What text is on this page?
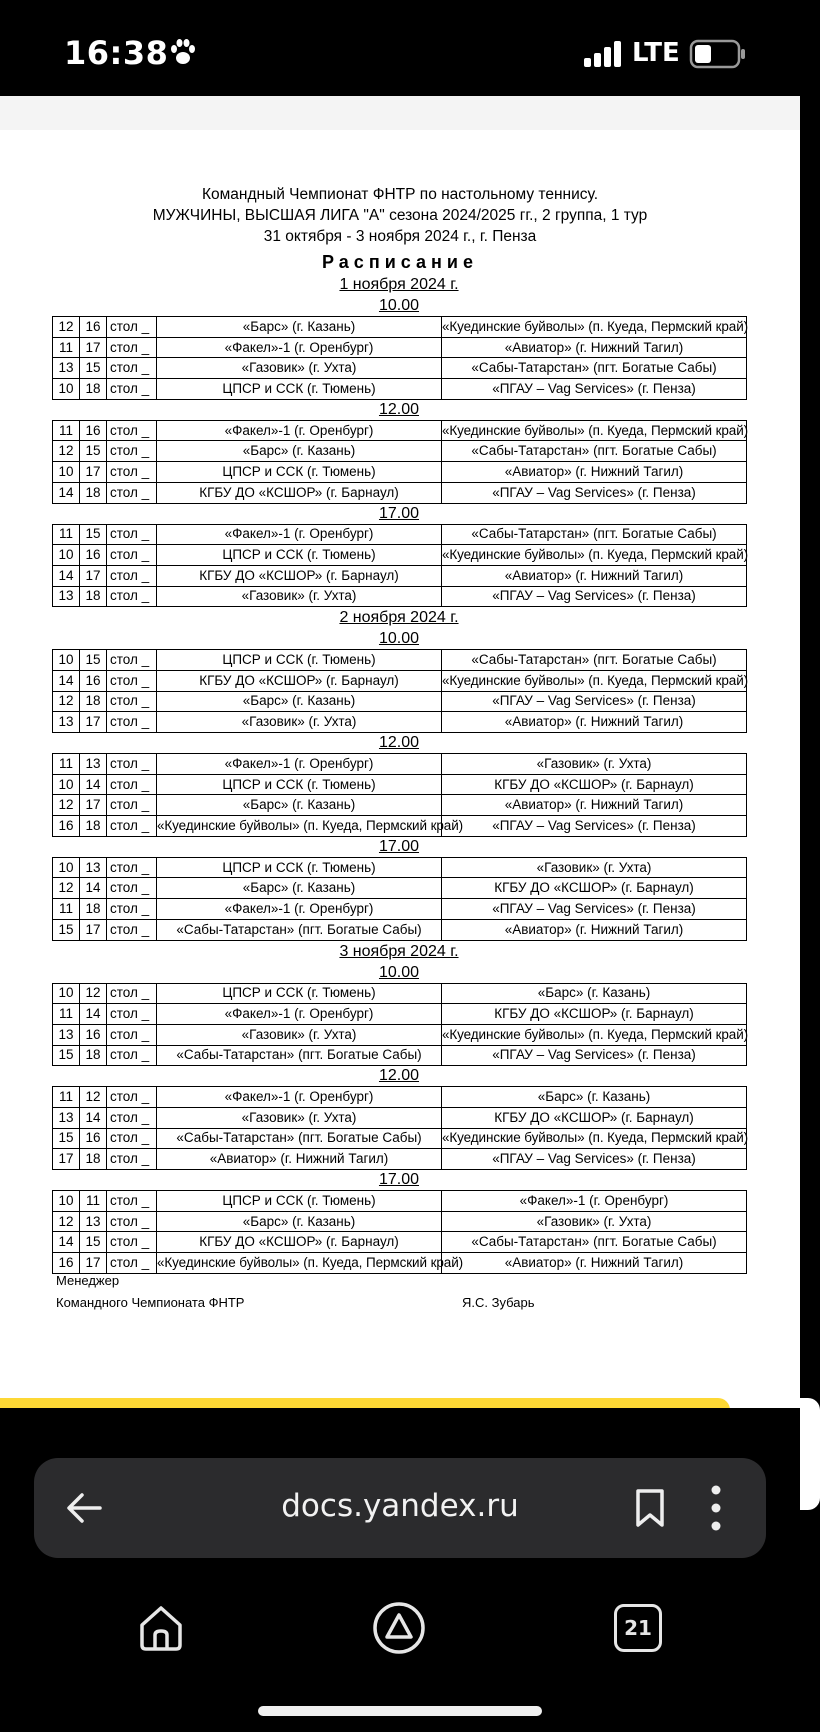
16:38	LTE
Командный Чемпионат ФНТР по настольному теннису.
МУЖЧИНЫ, ВЫСШАЯ ЛИГА "А" сезона 2024/2025 гг., 2 группа, 1 тур
31 октября - 3 ноября 2024 г., г. Пенза
Расписание
1 ноября 2024 г.
10.00
12	16	стол _	«Барс» (г. Казань)	«Куединские буйволы» (п. Куеда, Пермский край)
11	17	стол _	«Факел»-1 (г. Оренбург)	«Авиатор» (г. Нижний Тагил)
13	15	стол _	«Газовик» (г. Ухта)	«Сабы-Татарстан» (пгт. Богатые Сабы)
10	18	стол _	ЦПСР и ССК (г. Тюмень)	«ПГАУ – Vag Services» (г. Пенза)
12.00
11	16	стол _	«Факел»-1 (г. Оренбург)	«Куединские буйволы» (п. Куеда, Пермский край)
12	15	стол _	«Барс» (г. Казань)	«Сабы-Татарстан» (пгт. Богатые Сабы)
10	17	стол _	ЦПСР и ССК (г. Тюмень)	«Авиатор» (г. Нижний Тагил)
14	18	стол _	КГБУ ДО «КСШОР» (г. Барнаул)	«ПГАУ – Vag Services» (г. Пенза)
17.00
11	15	стол _	«Факел»-1 (г. Оренбург)	«Сабы-Татарстан» (пгт. Богатые Сабы)
10	16	стол _	ЦПСР и ССК (г. Тюмень)	«Куединские буйволы» (п. Куеда, Пермский край)
14	17	стол _	КГБУ ДО «КСШОР» (г. Барнаул)	«Авиатор» (г. Нижний Тагил)
13	18	стол _	«Газовик» (г. Ухта)	«ПГАУ – Vag Services» (г. Пенза)
2 ноября 2024 г.
10.00
10	15	стол _	ЦПСР и ССК (г. Тюмень)	«Сабы-Татарстан» (пгт. Богатые Сабы)
14	16	стол _	КГБУ ДО «КСШОР» (г. Барнаул)	«Куединские буйволы» (п. Куеда, Пермский край)
12	18	стол _	«Барс» (г. Казань)	«ПГАУ – Vag Services» (г. Пенза)
13	17	стол _	«Газовик» (г. Ухта)	«Авиатор» (г. Нижний Тагил)
12.00
11	13	стол _	«Факел»-1 (г. Оренбург)	«Газовик» (г. Ухта)
10	14	стол _	ЦПСР и ССК (г. Тюмень)	КГБУ ДО «КСШОР» (г. Барнаул)
12	17	стол _	«Барс» (г. Казань)	«Авиатор» (г. Нижний Тагил)
16	18	стол _	«Куединские буйволы» (п. Куеда, Пермский край)	«ПГАУ – Vag Services» (г. Пенза)
17.00
10	13	стол _	ЦПСР и ССК (г. Тюмень)	«Газовик» (г. Ухта)
12	14	стол _	«Барс» (г. Казань)	КГБУ ДО «КСШОР» (г. Барнаул)
11	18	стол _	«Факел»-1 (г. Оренбург)	«ПГАУ – Vag Services» (г. Пенза)
15	17	стол _	«Сабы-Татарстан» (пгт. Богатые Сабы)	«Авиатор» (г. Нижний Тагил)
3 ноября 2024 г.
10.00
10	12	стол _	ЦПСР и ССК (г. Тюмень)	«Барс» (г. Казань)
11	14	стол _	«Факел»-1 (г. Оренбург)	КГБУ ДО «КСШОР» (г. Барнаул)
13	16	стол _	«Газовик» (г. Ухта)	«Куединские буйволы» (п. Куеда, Пермский край)
15	18	стол _	«Сабы-Татарстан» (пгт. Богатые Сабы)	«ПГАУ – Vag Services» (г. Пенза)
12.00
11	12	стол _	«Факел»-1 (г. Оренбург)	«Барс» (г. Казань)
13	14	стол _	«Газовик» (г. Ухта)	КГБУ ДО «КСШОР» (г. Барнаул)
15	16	стол _	«Сабы-Татарстан» (пгт. Богатые Сабы)	«Куединские буйволы» (п. Куеда, Пермский край)
17	18	стол _	«Авиатор» (г. Нижний Тагил)	«ПГАУ – Vag Services» (г. Пенза)
17.00
10	11	стол _	ЦПСР и ССК (г. Тюмень)	«Факел»-1 (г. Оренбург)
12	13	стол _	«Барс» (г. Казань)	«Газовик» (г. Ухта)
14	15	стол _	КГБУ ДО «КСШОР» (г. Барнаул)	«Сабы-Татарстан» (пгт. Богатые Сабы)
16	17	стол _	«Куединские буйволы» (п. Куеда, Пермский край)	«Авиатор» (г. Нижний Тагил)
Менеджер
Командного Чемпионата ФНТР	Я.С. Зубарь
docs.yandex.ru
21
